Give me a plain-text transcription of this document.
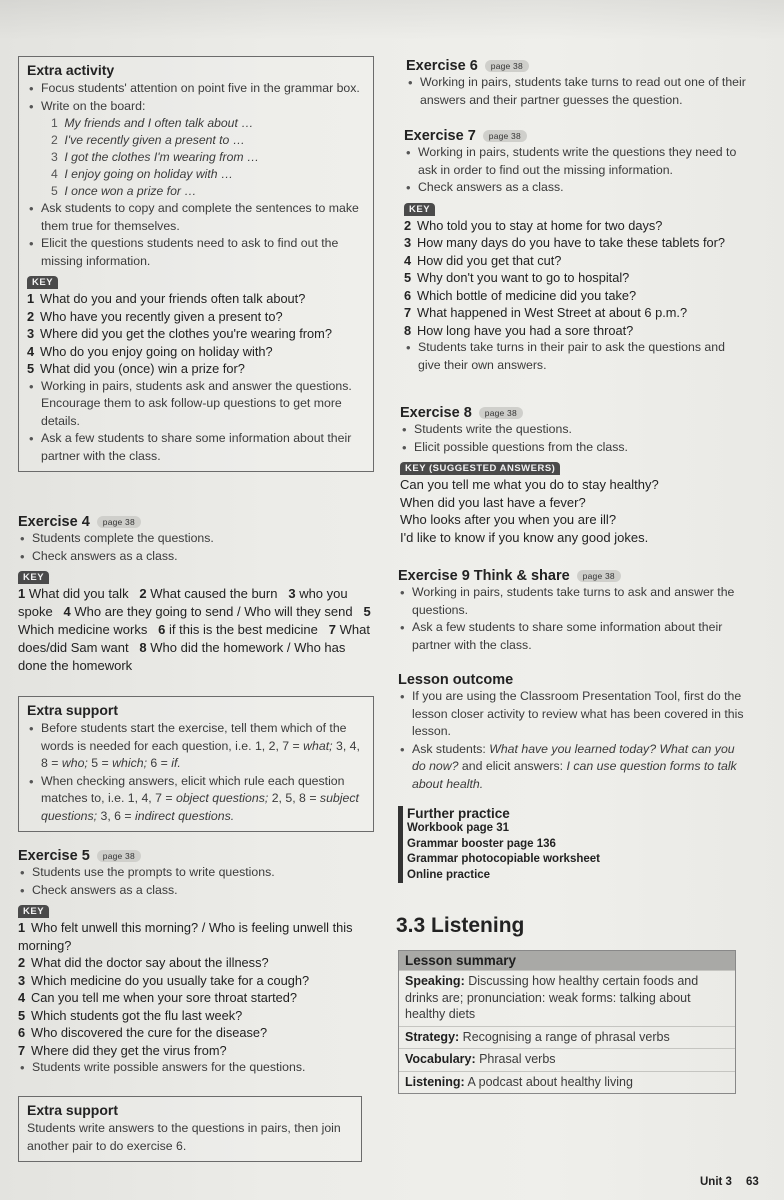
Extra activity
• Focus students' attention on point five in the grammar box.
• Write on the board:
1 My friends and I often talk about …
2 I've recently given a present to …
3 I got the clothes I'm wearing from …
4 I enjoy going on holiday with …
5 I once won a prize for …
• Ask students to copy and complete the sentences to make them true for themselves.
• Elicit the questions students need to ask to find out the missing information.
KEY
1 What do you and your friends often talk about?
2 Who have you recently given a present to?
3 Where did you get the clothes you're wearing from?
4 Who do you enjoy going on holiday with?
5 What did you (once) win a prize for?
• Working in pairs, students ask and answer the questions. Encourage them to ask follow-up questions to get more details.
• Ask a few students to share some information about their partner with the class.
Exercise 4	page 38
• Students complete the questions.
• Check answers as a class.
KEY
1 What did you talk 2 What caused the burn 3 who you spoke 4 Who are they going to send / Who will they send 5 Which medicine works 6 if this is the best medicine 7 What does/did Sam want 8 Who did the homework / Who has done the homework
Extra support
• Before students start the exercise, tell them which of the words is needed for each question, i.e. 1, 2, 7 = what; 3, 4, 8 = who; 5 = which; 6 = if.
• When checking answers, elicit which rule each question matches to, i.e. 1, 4, 7 = object questions; 2, 5, 8 = subject questions; 3, 6 = indirect questions.
Exercise 5	page 38
• Students use the prompts to write questions.
• Check answers as a class.
KEY
1 Who felt unwell this morning? / Who is feeling unwell this morning?
2 What did the doctor say about the illness?
3 Which medicine do you usually take for a cough?
4 Can you tell me when your sore throat started?
5 Which students got the flu last week?
6 Who discovered the cure for the disease?
7 Where did they get the virus from?
• Students write possible answers for the questions.
Extra support
Students write answers to the questions in pairs, then join another pair to do exercise 6.
Exercise 6	page 38
• Working in pairs, students take turns to read out one of their answers and their partner guesses the question.
Exercise 7	page 38
• Working in pairs, students write the questions they need to ask in order to find out the missing information.
• Check answers as a class.
KEY
2 Who told you to stay at home for two days?
3 How many days do you have to take these tablets for?
4 How did you get that cut?
5 Why don't you want to go to hospital?
6 Which bottle of medicine did you take?
7 What happened in West Street at about 6 p.m.?
8 How long have you had a sore throat?
• Students take turns in their pair to ask the questions and give their own answers.
Exercise 8	page 38
• Students write the questions.
• Elicit possible questions from the class.
KEY (SUGGESTED ANSWERS)
Can you tell me what you do to stay healthy?
When did you last have a fever?
Who looks after you when you are ill?
I'd like to know if you know any good jokes.
Exercise 9 Think & share	page 38
• Working in pairs, students take turns to ask and answer the questions.
• Ask a few students to share some information about their partner with the class.
Lesson outcome
• If you are using the Classroom Presentation Tool, first do the lesson closer activity to review what has been covered in this lesson.
• Ask students: What have you learned today? What can you do now? and elicit answers: I can use question forms to talk about health.
Further practice
Workbook page 31
Grammar booster page 136
Grammar photocopiable worksheet
Online practice
3.3 Listening
Lesson summary
Speaking: Discussing how healthy certain foods and drinks are; pronunciation: weak forms: talking about healthy diets
Strategy: Recognising a range of phrasal verbs
Vocabulary: Phrasal verbs
Listening: A podcast about healthy living
Unit 3 63
